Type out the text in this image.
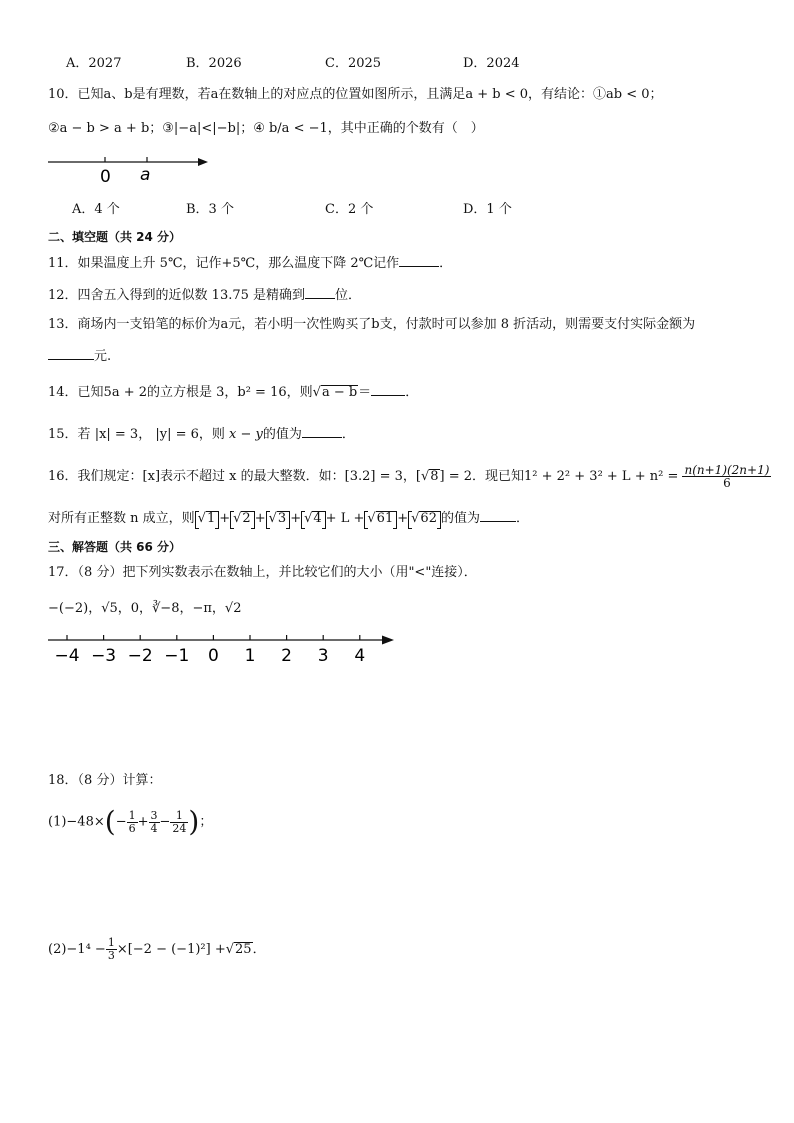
A．2027	B．2026	C．2025	D．2024
10．已知a、b是有理数，若a在数轴上的对应点的位置如图所示，且满足a + b < 0，有结论：①ab < 0；
②a − b > a + b；③|−a|<|−b|；④ b/a < −1，其中正确的个数有（　）
0 a
A．4 个	B．3 个	C．2 个	D．1 个
二、填空题（共 24 分）
11．如果温度上升 5℃，记作+5℃，那么温度下降 2℃记作	．
12．四舍五入得到的近似数 13.75 是精确到 位．
13．商场内一支铅笔的标价为a元，若小明一次性购买了b支，付款时可以参加 8 折活动，则需要支付实际金额为
元.
14．已知5a + 2的立方根是 3，b² = 16，则√a − b＝	．
15．若 |x| = 3， |y| = 6，则 x − y的值为	．
16．我们规定：[x]表示不超过 x 的最大整数．如：[3.2] = 3，[√8] = 2．现已知$1^2 + 2^2 + 3^2 + L + n^2 = \frac{n(n+1)(2n+1)}{6}$
对所有正整数 n 成立，则 √1 + √2 + √3 + √4 + L + √61 + √62 的值为	．
三、解答题（共 66 分）
17．（8 分）把下列实数表示在数轴上，并比较它们的大小（用"<"连接）．
−(−2)，√5，0，∛−8，−π，√2
−4 −3 −2 −1 0 1 2 3 4
18．（8 分）计算：
$(1)-48\times(- \frac{1}{6} + \frac{3}{4} - \frac{1}{24}$ )；
$(2)-1^4 - \frac{1}{3} \times[-2 - (-1)^2] +√25$．
